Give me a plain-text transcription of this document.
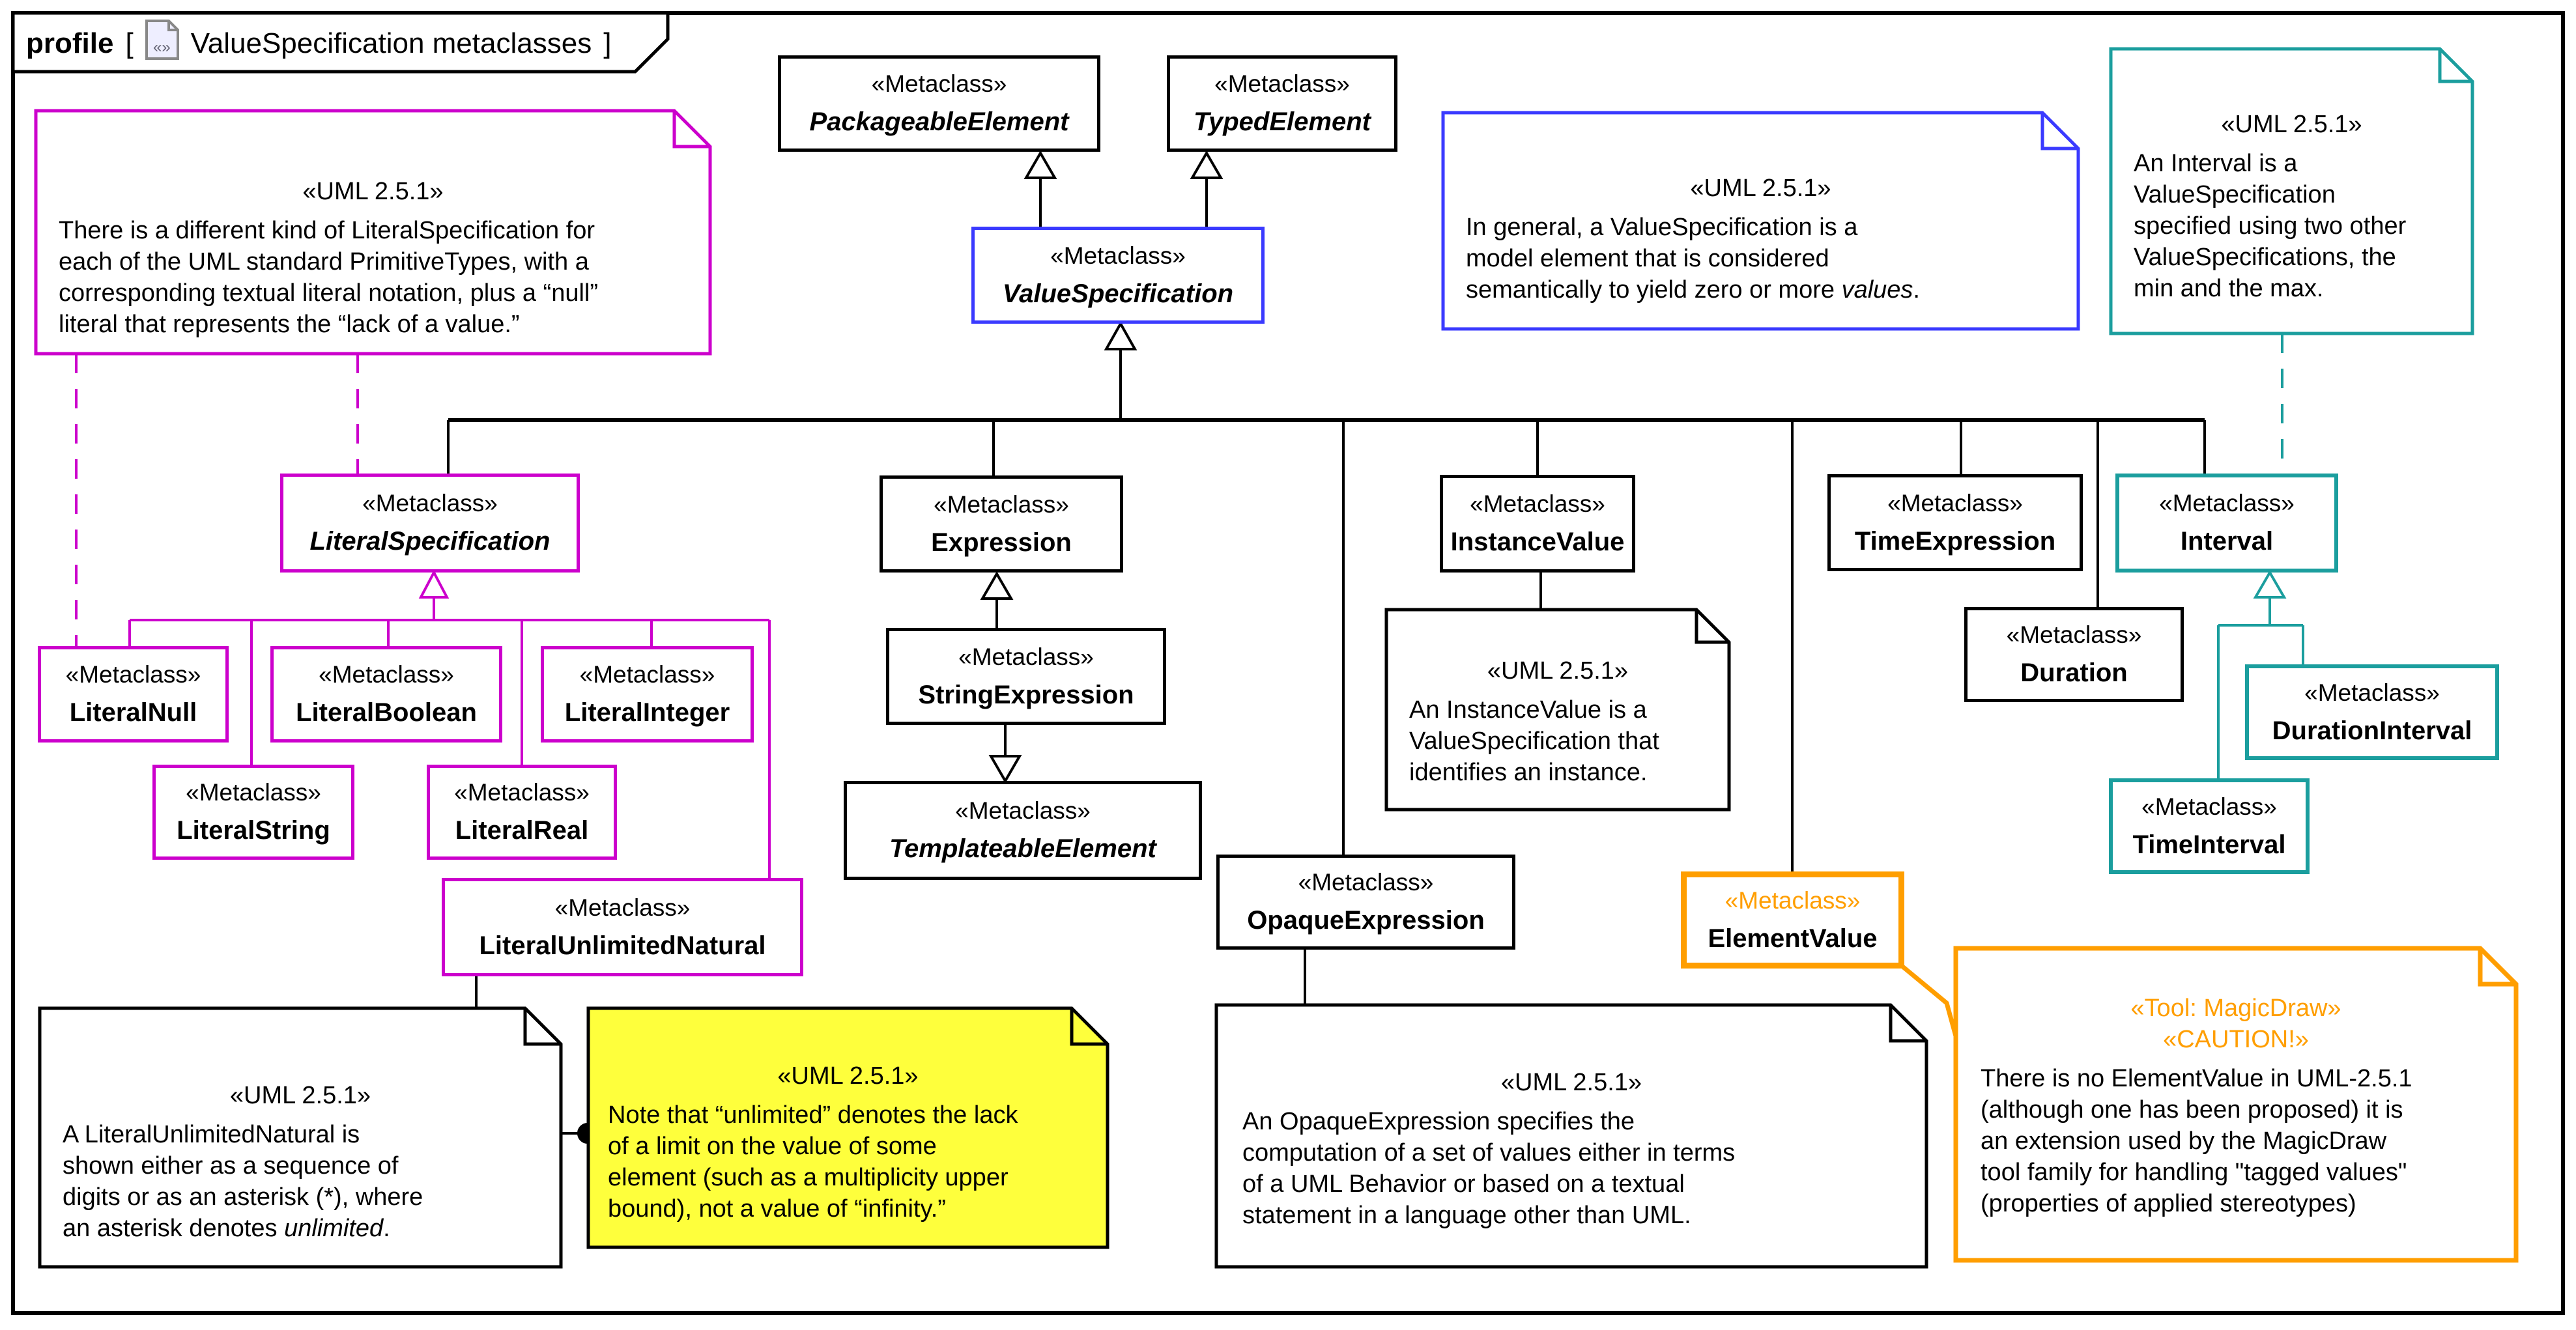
profile [ «» ValueSpecification metaclasses ]
«Metaclass»
PackageableElement
«Metaclass»
TypedElement
«Metaclass»
ValueSpecification
«Metaclass»
LiteralSpecification
«Metaclass»
Expression
«Metaclass»
InstanceValue
«Metaclass»
TimeExpression
«Metaclass»
Interval
«Metaclass»
LiteralNull
«Metaclass»
LiteralBoolean
«Metaclass»
LiteralInteger
«Metaclass»
LiteralString
«Metaclass»
LiteralReal
«Metaclass»
LiteralUnlimitedNatural
«Metaclass»
StringExpression
«Metaclass»
TemplateableElement
«Metaclass»
OpaqueExpression
«Metaclass»
ElementValue
«Metaclass»
Duration
«Metaclass»
DurationInterval
«Metaclass»
TimeInterval
«UML 2.5.1»
There is a different kind of LiteralSpecification for
each of the UML standard PrimitiveTypes, with a
corresponding textual literal notation, plus a “null”
literal that represents the “lack of a value.”
«UML 2.5.1»
In general, a ValueSpecification is a
model element that is considered
semantically to yield zero or more values.
«UML 2.5.1»
An Interval is a
ValueSpecification
specified using two other
ValueSpecifications, the
min and the max.
«UML 2.5.1»
An InstanceValue is a
ValueSpecification that
identifies an instance.
«UML 2.5.1»
A LiteralUnlimitedNatural is
shown either as a sequence of
digits or as an asterisk (*), where
an asterisk denotes unlimited.
«UML 2.5.1»
Note that “unlimited” denotes the lack
of a limit on the value of some
element (such as a multiplicity upper
bound), not a value of “infinity.”
«UML 2.5.1»
An OpaqueExpression specifies the
computation of a set of values either in terms
of a UML Behavior or based on a textual
statement in a language other than UML.
«Tool: MagicDraw»
«CAUTION!»
There is no ElementValue in UML-2.5.1
(although one has been proposed) it is
an extension used by the MagicDraw
tool family for handling "tagged values"
(properties of applied stereotypes)
